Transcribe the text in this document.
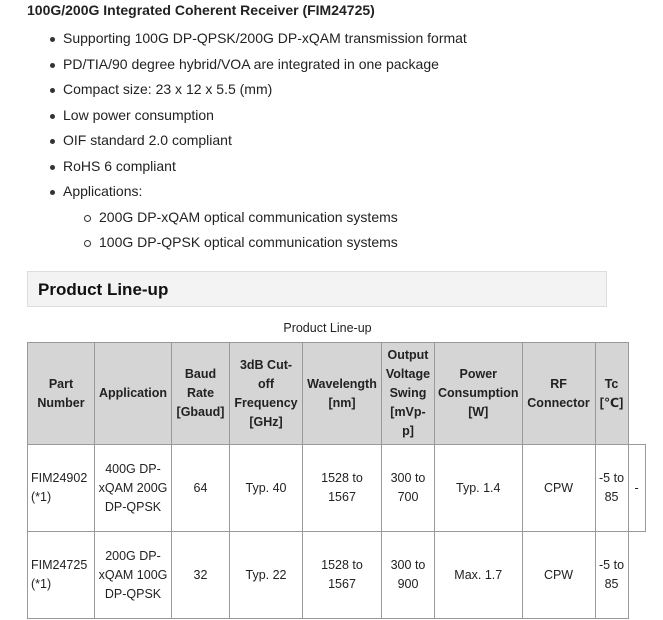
100G/200G Integrated Coherent Receiver (FIM24725)
Supporting 100G DP-QPSK/200G DP-xQAM transmission format
PD/TIA/90 degree hybrid/VOA are integrated in one package
Compact size: 23 x 12 x 5.5 (mm)
Low power consumption
OIF standard 2.0 compliant
RoHS 6 compliant
Applications:
200G DP-xQAM optical communication systems
100G DP-QPSK optical communication systems
Product Line-up
Product Line-up
Part Number	Application	Baud Rate [Gbaud]	3dB Cut-off Frequency [GHz]	Wavelength [nm]	Output Voltage Swing [mVp-p]	Power Consumption [W]	RF Connector	Tc [℃]	
FIM24902 (*1)	400G DP-xQAM 200G DP-QPSK	64	Typ. 40	1528 to 1567	300 to 700	Typ. 1.4	CPW	-5 to 85	-
FIM24725 (*1)	200G DP-xQAM 100G DP-QPSK	32	Typ. 22	1528 to 1567	300 to 900	Max. 1.7	CPW	-5 to 85	
